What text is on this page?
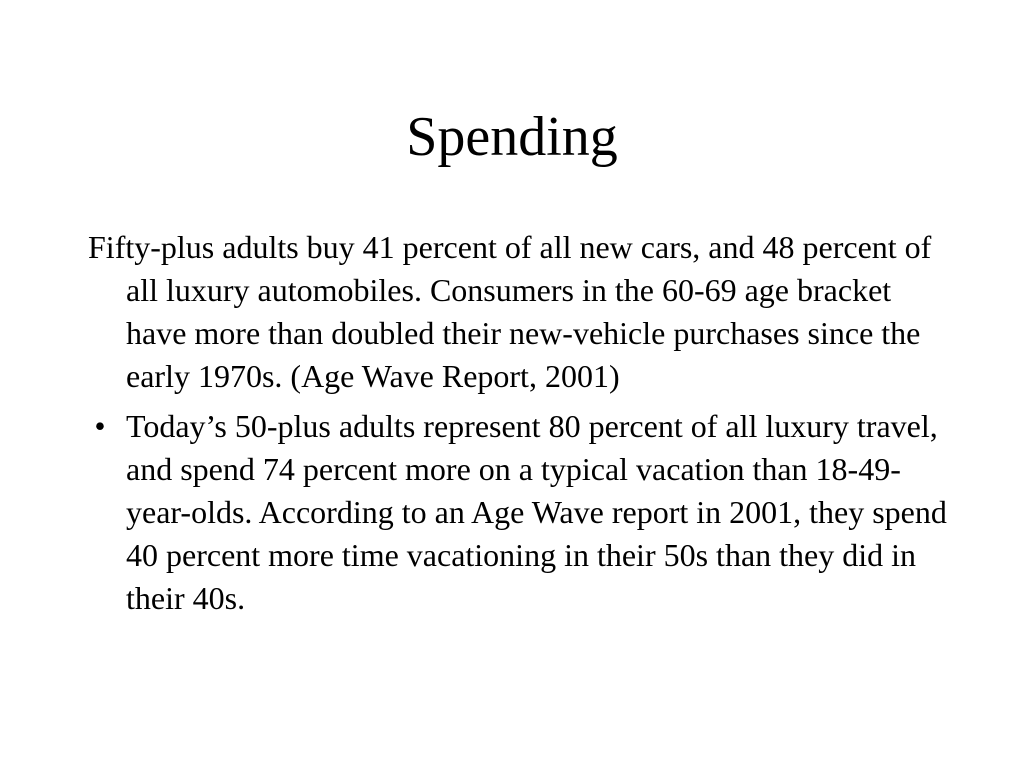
Spending
Fifty-plus adults buy 41 percent of all new cars, and 48 percent of all luxury automobiles. Consumers in the 60-69 age bracket have more than doubled their new-vehicle purchases since the early 1970s. (Age Wave Report, 2001)
• Today’s 50-plus adults represent 80 percent of all luxury travel, and spend 74 percent more on a typical vacation than 18-49-year-olds. According to an Age Wave report in 2001, they spend 40 percent more time vacationing in their 50s than they did in their 40s.
